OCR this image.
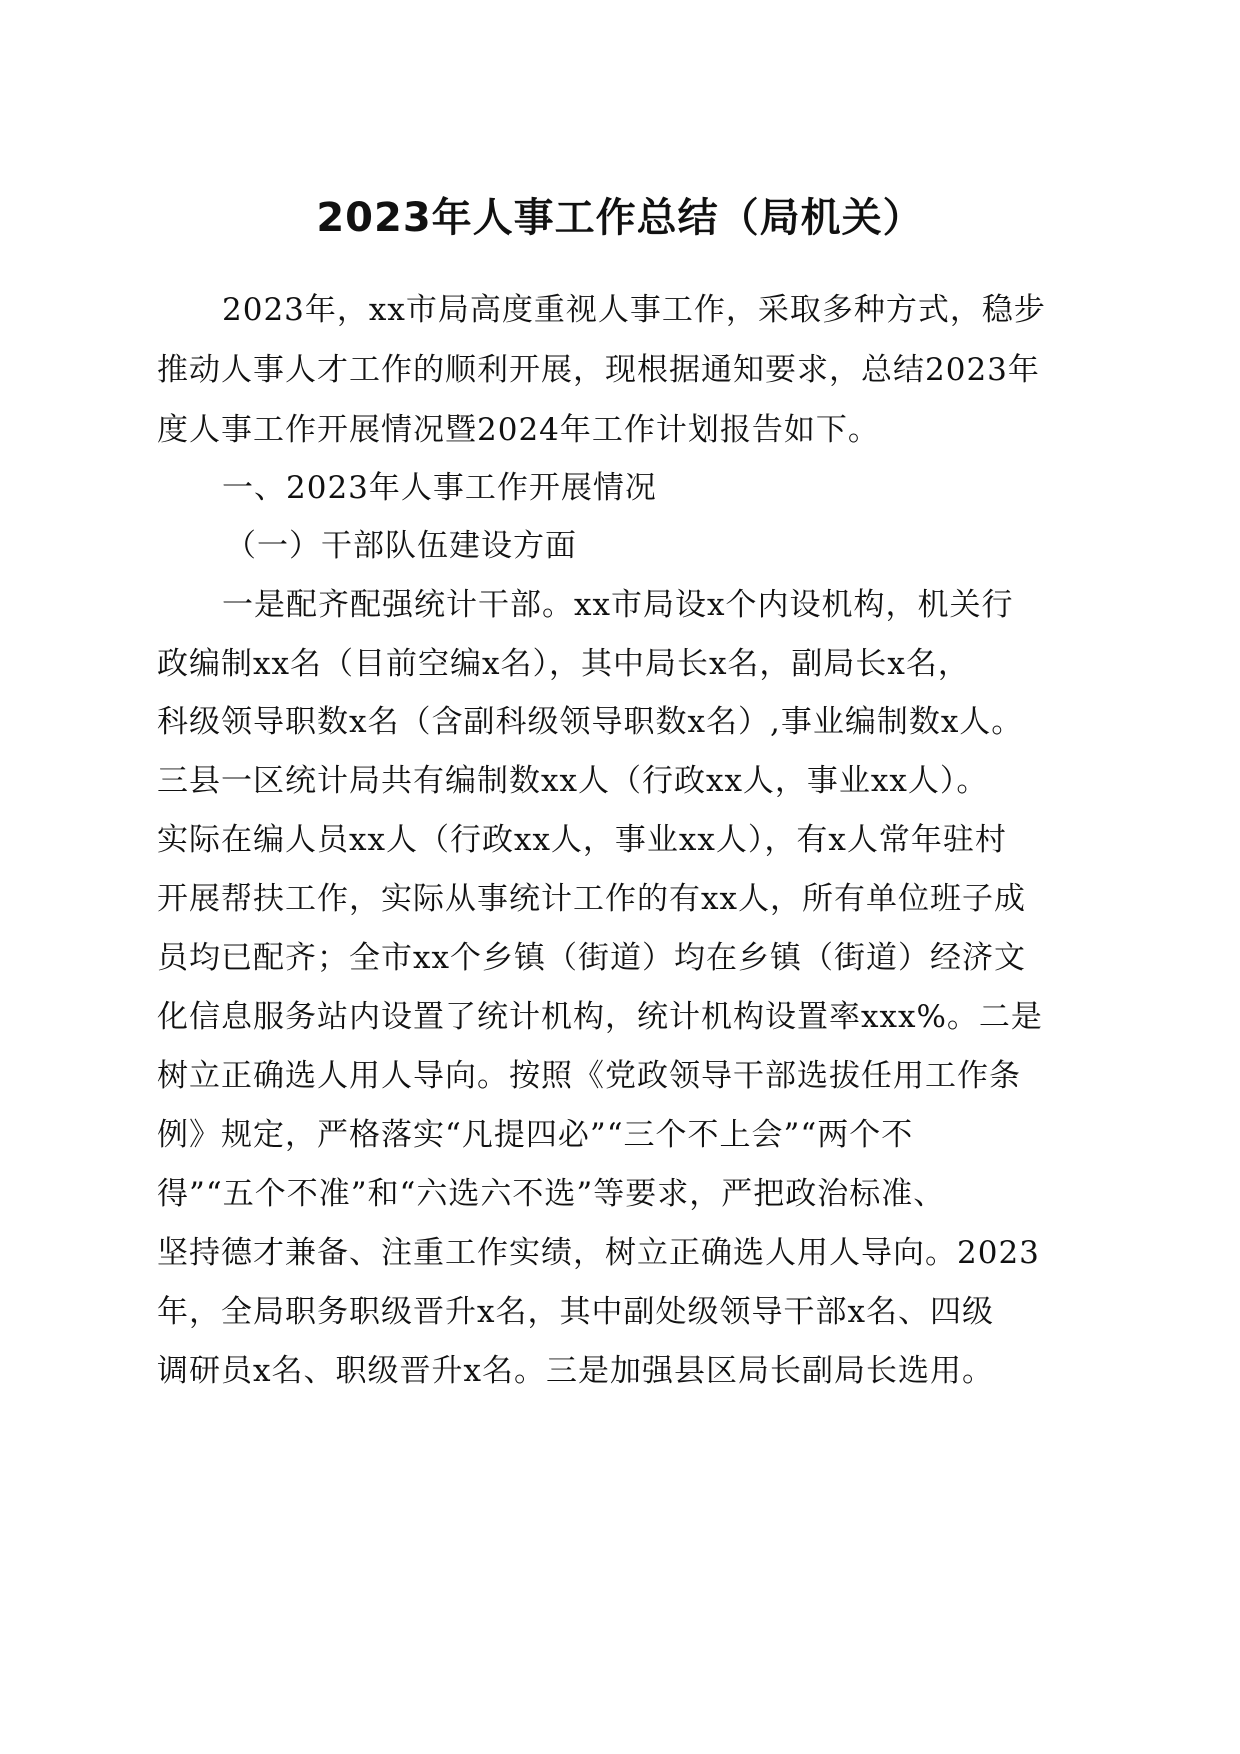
2023年人事工作总结（局机关）

2023年，xx市局高度重视人事工作，采取多种方式，稳步

推动人事人才工作的顺利开展，现根据通知要求，总结2023年

度人事工作开展情况暨2024年工作计划报告如下。

一、2023年人事工作开展情况

（一）干部队伍建设方面

一是配齐配强统计干部。xx市局设x个内设机构，机关行

政编制xx名（目前空编x名），其中局长x名，副局长x名，

科级领导职数x名（含副科级领导职数x名）,事业编制数x人。

三县一区统计局共有编制数xx人（行政xx人，事业xx人）。

实际在编人员xx人（行政xx人，事业xx人），有x人常年驻村

开展帮扶工作，实际从事统计工作的有xx人，所有单位班子成

员均已配齐；全市xx个乡镇（街道）均在乡镇（街道）经济文

化信息服务站内设置了统计机构，统计机构设置率xxx%。二是

树立正确选人用人导向。按照《党政领导干部选拔任用工作条

例》规定，严格落实“凡提四必”“三个不上会”“两个不

得”“五个不准”和“六选六不选”等要求，严把政治标准、

坚持德才兼备、注重工作实绩，树立正确选人用人导向。2023

年，全局职务职级晋升x名，其中副处级领导干部x名、四级

调研员x名、职级晋升x名。三是加强县区局长副局长选用。
